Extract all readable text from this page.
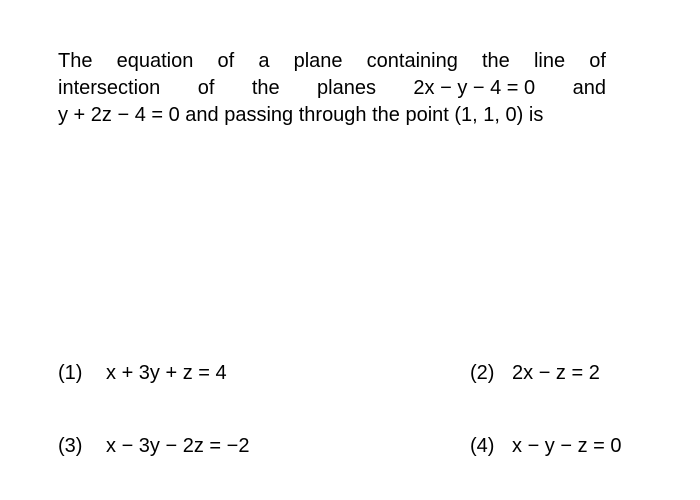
The equation of a plane containing the line of
intersection of the planes 2x − y − 4 = 0 and
y + 2z − 4 = 0 and passing through the point (1, 1, 0) is
(1) x + 3y + z = 4	(2) 2x − z = 2
(3) x − 3y − 2z = −2	(4) x − y − z = 0
